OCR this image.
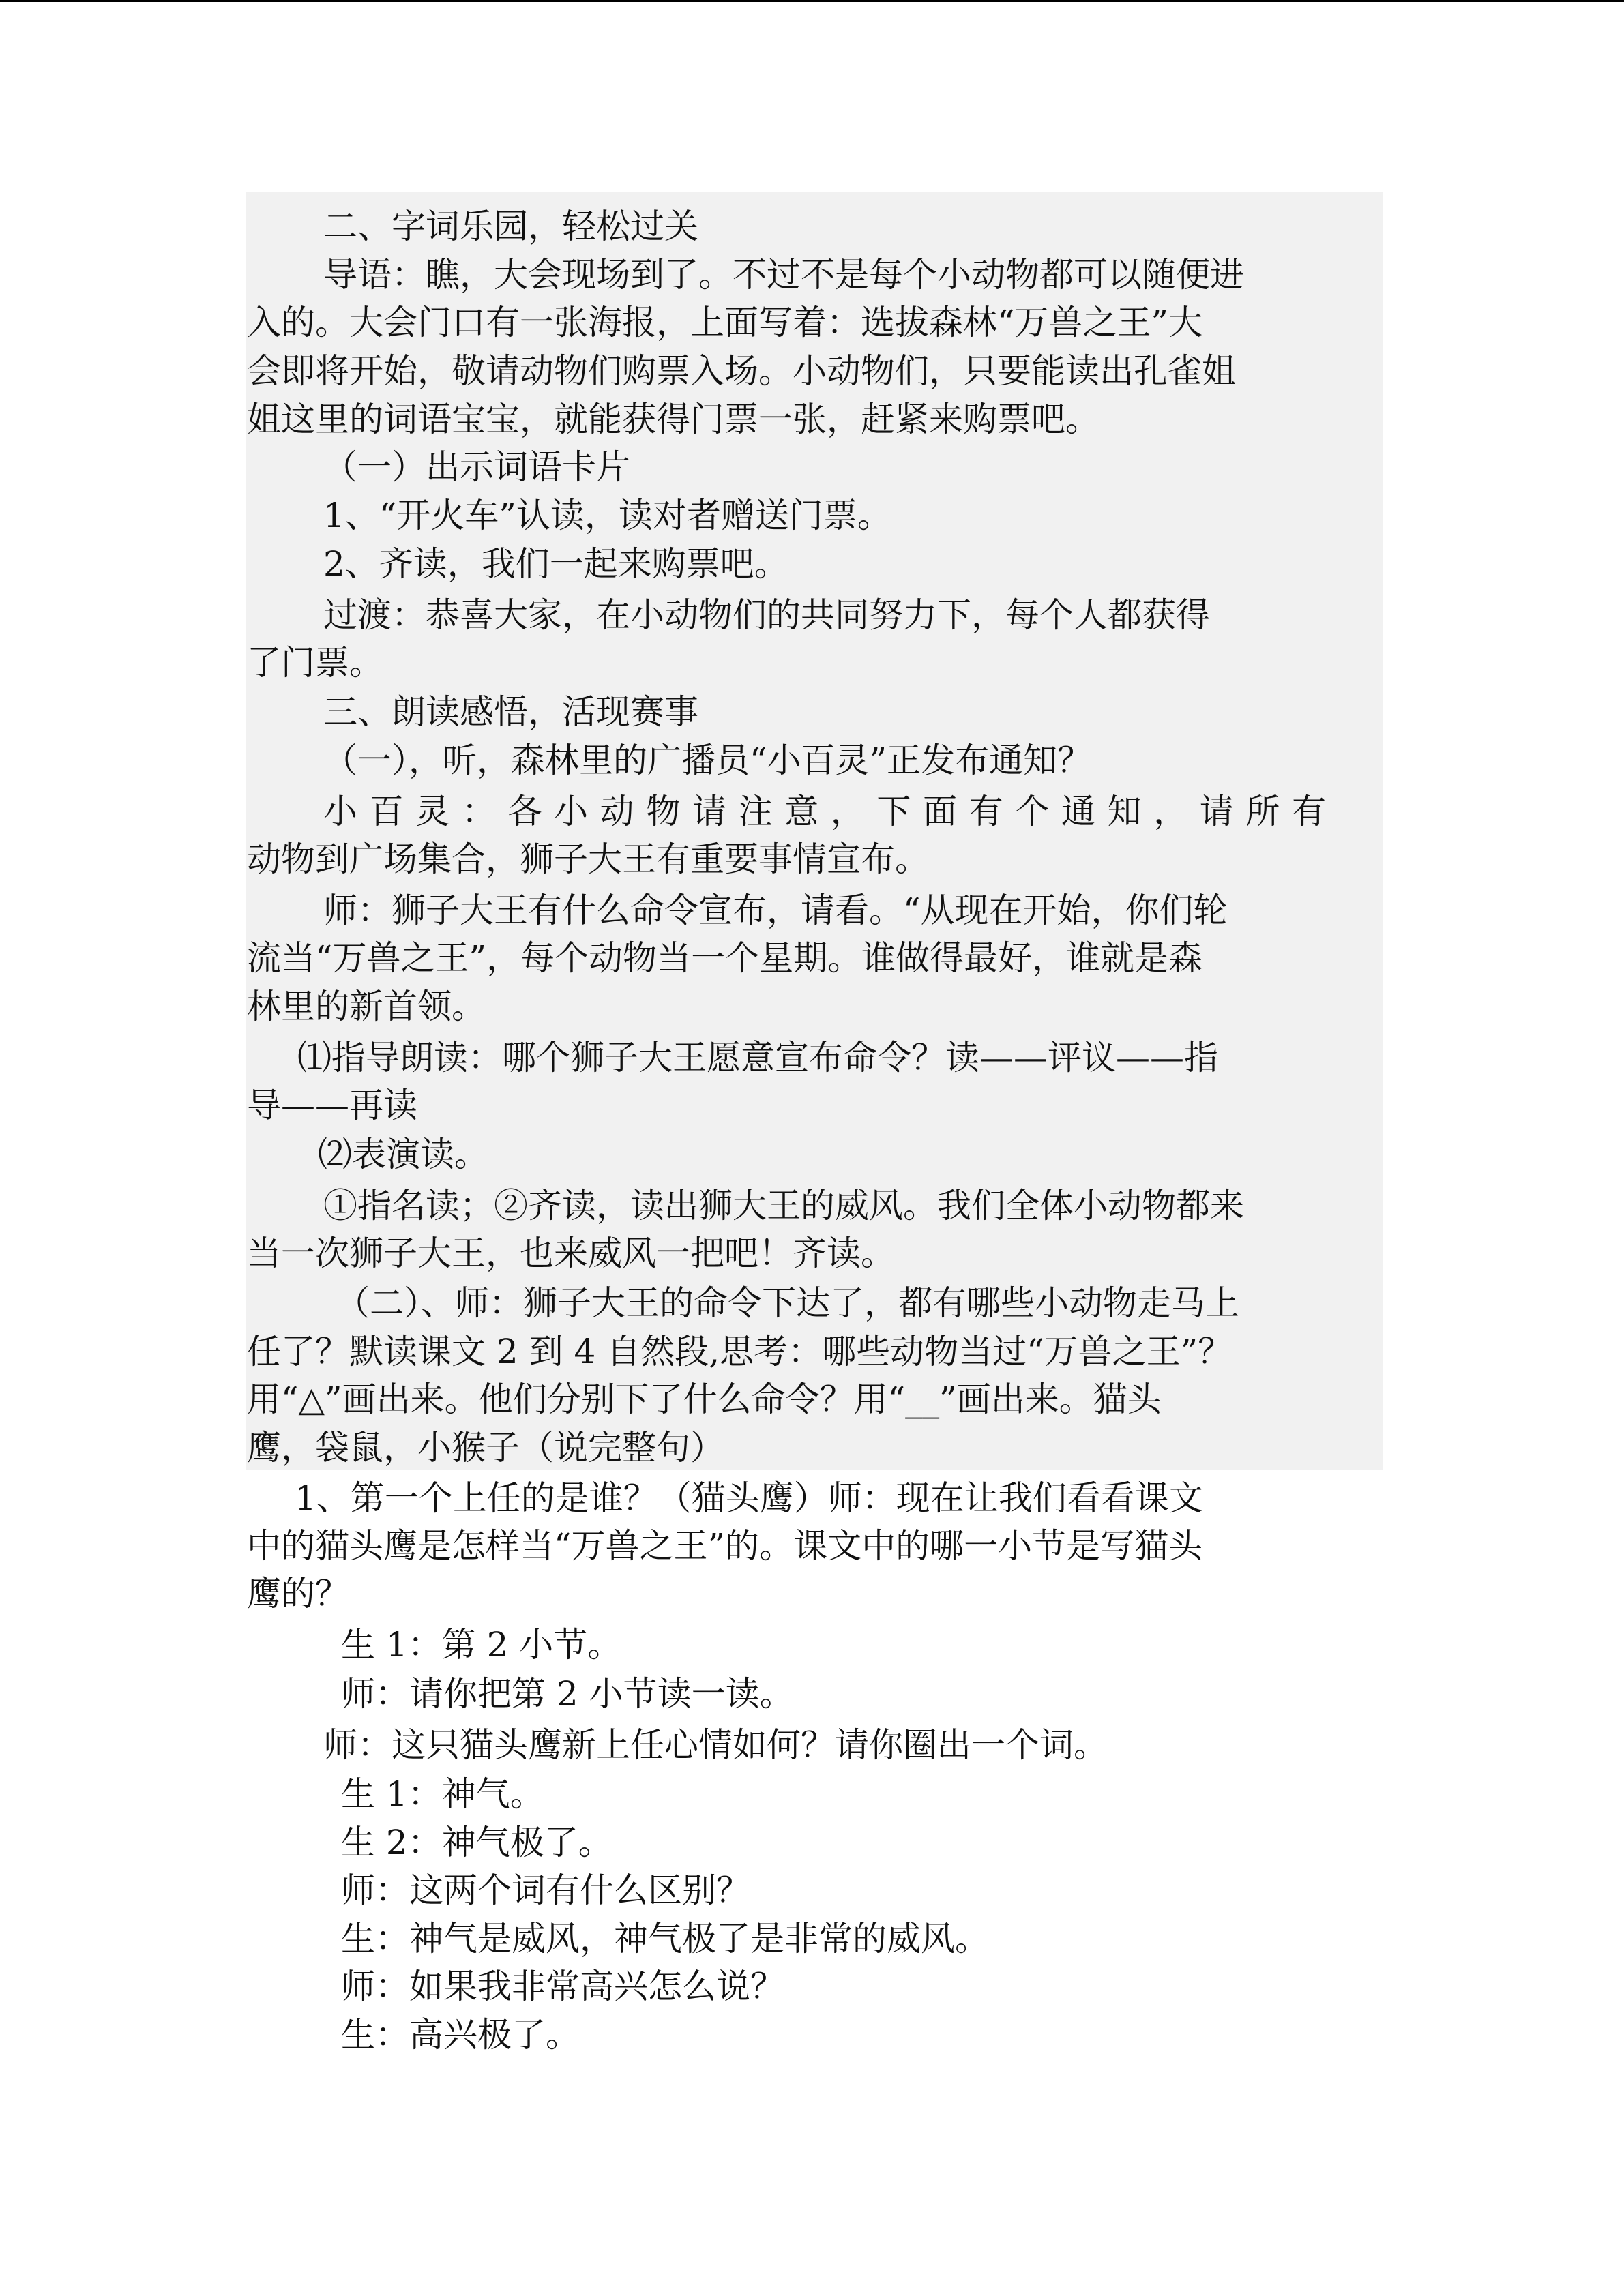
二、字词乐园，轻松过关
导语：瞧，大会现场到了。不过不是每个小动物都可以随便进
入的。大会门口有一张海报，上面写着：选拔森林“万兽之王”大
会即将开始，敬请动物们购票入场。小动物们，只要能读出孔雀姐
姐这里的词语宝宝，就能获得门票一张，赶紧来购票吧。
（一）出示词语卡片
1、“开火车”认读，读对者赠送门票。
2、齐读，我们一起来购票吧。
过渡：恭喜大家，在小动物们的共同努力下，每个人都获得
了门票。
三、朗读感悟，活现赛事
（一），听，森林里的广播员“小百灵”正发布通知？
小百灵：各小动物请注意，下面有个通知，请所有
动物到广场集合，狮子大王有重要事情宣布。
师：狮子大王有什么命令宣布，请看。“从现在开始，你们轮
流当“万兽之王”，每个动物当一个星期。谁做得最好，谁就是森
林里的新首领。
⑴指导朗读：哪个狮子大王愿意宣布命令？读——评议——指
导——再读
⑵表演读。
①指名读；②齐读，读出狮大王的威风。我们全体小动物都来
当一次狮子大王，也来威风一把吧！齐读。
（二）、师：狮子大王的命令下达了，都有哪些小动物走马上
任了？默读课文 2 到 4 自然段,思考：哪些动物当过“万兽之王”？
用“△”画出来。他们分别下了什么命令？用“__”画出来。猫头
鹰，袋鼠，小猴子（说完整句）
1、第一个上任的是谁？（猫头鹰）师：现在让我们看看课文
中的猫头鹰是怎样当“万兽之王”的。课文中的哪一小节是写猫头
鹰的？
生 1：第 2 小节。
师：请你把第 2 小节读一读。
师：这只猫头鹰新上任心情如何？请你圈出一个词。
生 1：神气。
生 2：神气极了。
师：这两个词有什么区别？
生：神气是威风，神气极了是非常的威风。
师：如果我非常高兴怎么说？
生：高兴极了。
